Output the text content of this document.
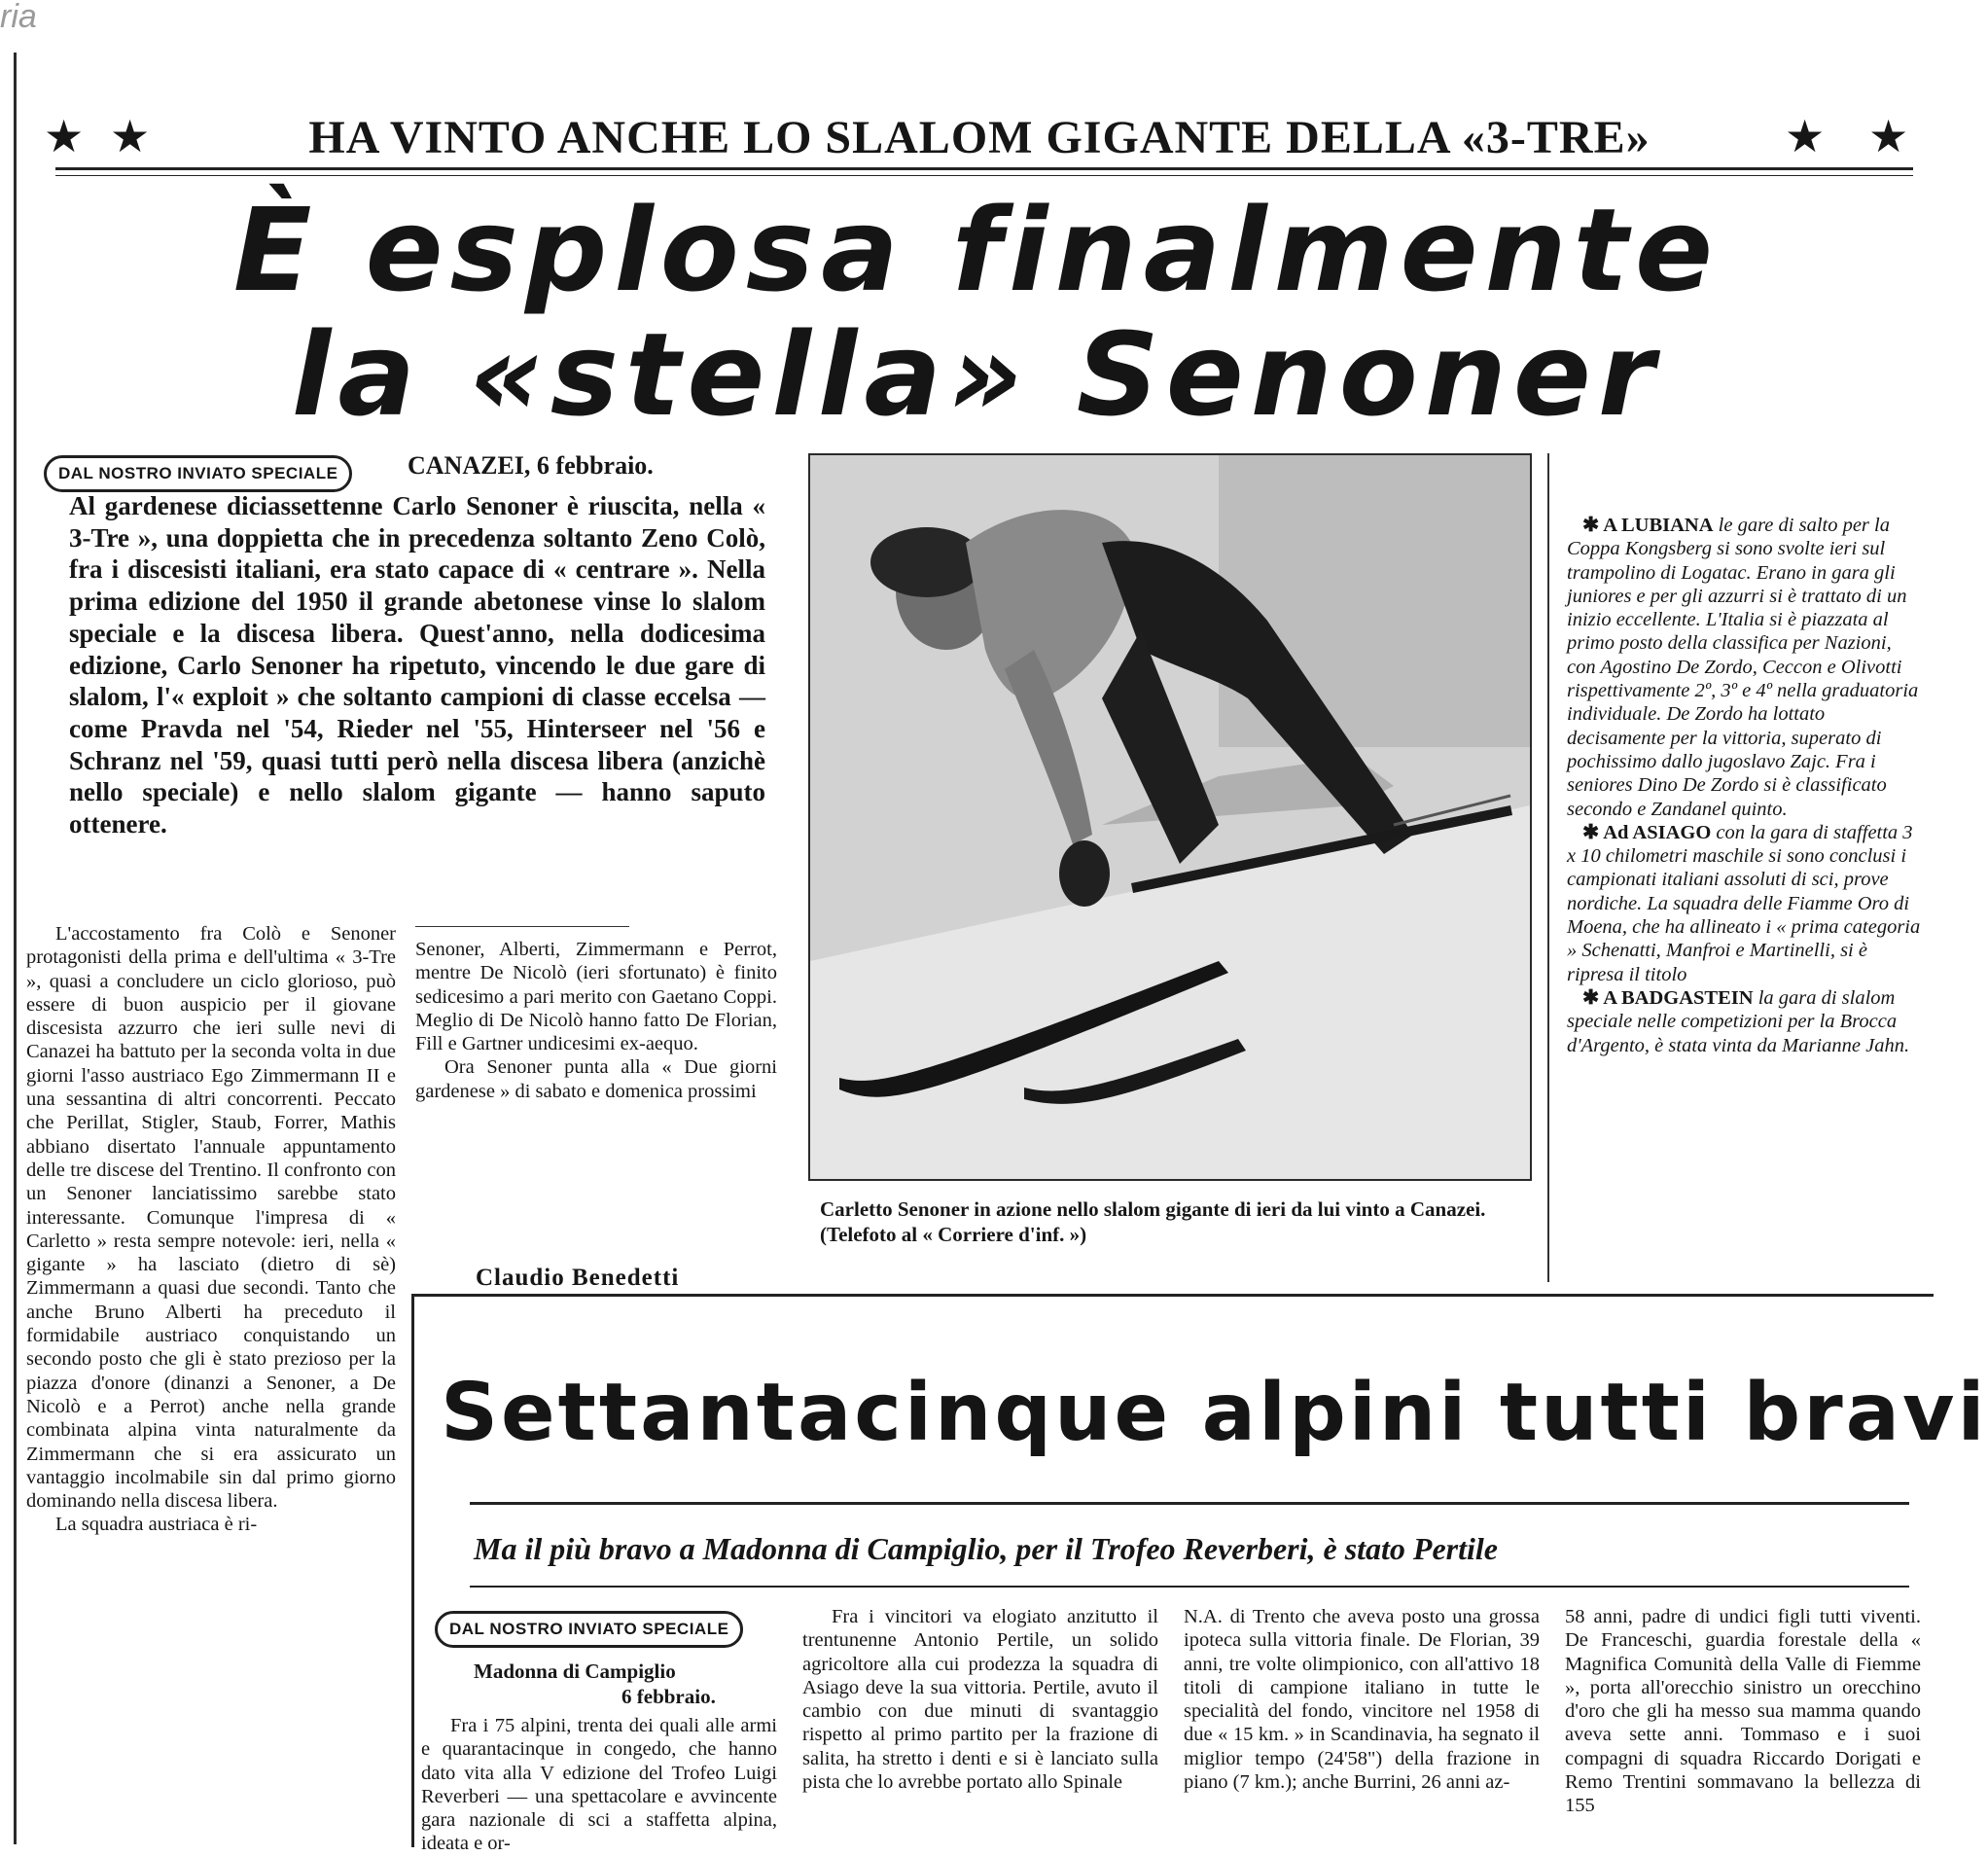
ria
★ ★	HA VINTO ANCHE LO SLALOM GIGANTE DELLA «3-TRE»	★ ★
È esplosa finalmente
la «stella» Senoner
DAL NOSTRO INVIATO SPECIALE	CANAZEI, 6 febbraio.
Al gardenese diciassettenne Carlo Senoner è riuscita, nella « 3-Tre », una doppietta che in precedenza soltanto Zeno Colò, fra i discesisti italiani, era stato capace di « centrare ». Nella prima edizione del 1950 il grande abetonese vinse lo slalom speciale e la discesa libera. Quest'anno, nella dodicesima edizione, Carlo Senoner ha ripetuto, vincendo le due gare di slalom, l'« exploit » che soltanto campioni di classe eccelsa — come Pravda nel '54, Rieder nel '55, Hinterseer nel '56 e Schranz nel '59, quasi tutti però nella discesa libera (anzichè nello speciale) e nello slalom gigante — hanno saputo ottenere.
L'accostamento fra Colò e Senoner protagonisti della prima e dell'ultima « 3-Tre », quasi a concludere un ciclo glorioso, può essere di buon auspicio per il giovane discesista azzurro che ieri sulle nevi di Canazei ha battuto per la seconda volta in due giorni l'asso austriaco Ego Zimmermann II e una sessantina di altri concorrenti. Peccato che Perillat, Stigler, Staub, Forrer, Mathis abbiano disertato l'annuale appuntamento delle tre discese del Trentino. Il confronto con un Senoner lanciatissimo sarebbe stato interessante. Comunque l'impresa di « Carletto » resta sempre notevole: ieri, nella « gigante » ha lasciato (dietro di sè) Zimmermann a quasi due secondi. Tanto che anche Bruno Alberti ha preceduto il formidabile austriaco conquistando un secondo posto che gli è stato prezioso per la piazza d'onore (dinanzi a Senoner, a De Nicolò e a Perrot) anche nella grande combinata alpina vinta naturalmente da Zimmermann che si era assicurato un vantaggio incolmabile sin dal primo giorno dominando nella discesa libera.
La squadra austriaca è ri-
Senoner, Alberti, Zimmermann e Perrot, mentre De Nicolò (ieri sfortunato) è finito sedicesimo a pari merito con Gaetano Coppi. Meglio di De Nicolò hanno fatto De Florian, Fill e Gartner undicesimi ex-aequo.
Ora Senoner punta alla « Due giorni gardenese » di sabato e domenica prossimi
Claudio Benedetti
Carletto Senoner in azione nello slalom gigante di ieri da lui vinto a Canazei. (Telefoto al « Corriere d'inf. »)
✱ A LUBIANA le gare di salto per la Coppa Kongsberg si sono svolte ieri sul trampolino di Logatac. Erano in gara gli juniores e per gli azzurri si è trattato di un inizio eccellente. L'Italia si è piazzata al primo posto della classifica per Nazioni, con Agostino De Zordo, Ceccon e Olivotti rispettivamente 2º, 3º e 4º nella graduatoria individuale. De Zordo ha lottato decisamente per la vittoria, superato di pochissimo dallo jugoslavo Zajc. Fra i seniores Dino De Zordo si è classificato secondo e Zandanel quinto.
✱ Ad ASIAGO con la gara di staffetta 3 x 10 chilometri maschile si sono conclusi i campionati italiani assoluti di sci, prove nordiche. La squadra delle Fiamme Oro di Moena, che ha allineato i « prima categoria » Schenatti, Manfroi e Martinelli, si è ripresa il titolo
✱ A BADGASTEIN la gara di slalom speciale nelle competizioni per la Brocca d'Argento, è stata vinta da Marianne Jahn.
Settantacinque alpini tutti bravi
Ma il più bravo a Madonna di Campiglio, per il Trofeo Reverberi, è stato Pertile
DAL NOSTRO INVIATO SPECIALE
Madonna di Campiglio
6 febbraio.
Fra i 75 alpini, trenta dei quali alle armi e quarantacinque in congedo, che hanno dato vita alla V edizione del Trofeo Luigi Reverberi — una spettacolare e avvincente gara nazionale di sci a staffetta alpina, ideata e or-
Fra i vincitori va elogiato anzitutto il trentunenne Antonio Pertile, un solido agricoltore alla cui prodezza la squadra di Asiago deve la sua vittoria. Pertile, avuto il cambio con due minuti di svantaggio rispetto al primo partito per la frazione di salita, ha stretto i denti e si è lanciato sulla pista che lo avrebbe portato allo Spinale
N.A. di Trento che aveva posto una grossa ipoteca sulla vittoria finale. De Florian, 39 anni, tre volte olimpionico, con all'attivo 18 titoli di campione italiano in tutte le specialità del fondo, vincitore nel 1958 di due « 15 km. » in Scandinavia, ha segnato il miglior tempo (24'58") della frazione in piano (7 km.); anche Burrini, 26 anni az-
58 anni, padre di undici figli tutti viventi. De Franceschi, guardia forestale della « Magnifica Comunità della Valle di Fiemme », porta all'orecchio sinistro un orecchino d'oro che gli ha messo sua mamma quando aveva sette anni. Tommaso e i suoi compagni di squadra Riccardo Dorigati e Remo Trentini sommavano la bellezza di 155
